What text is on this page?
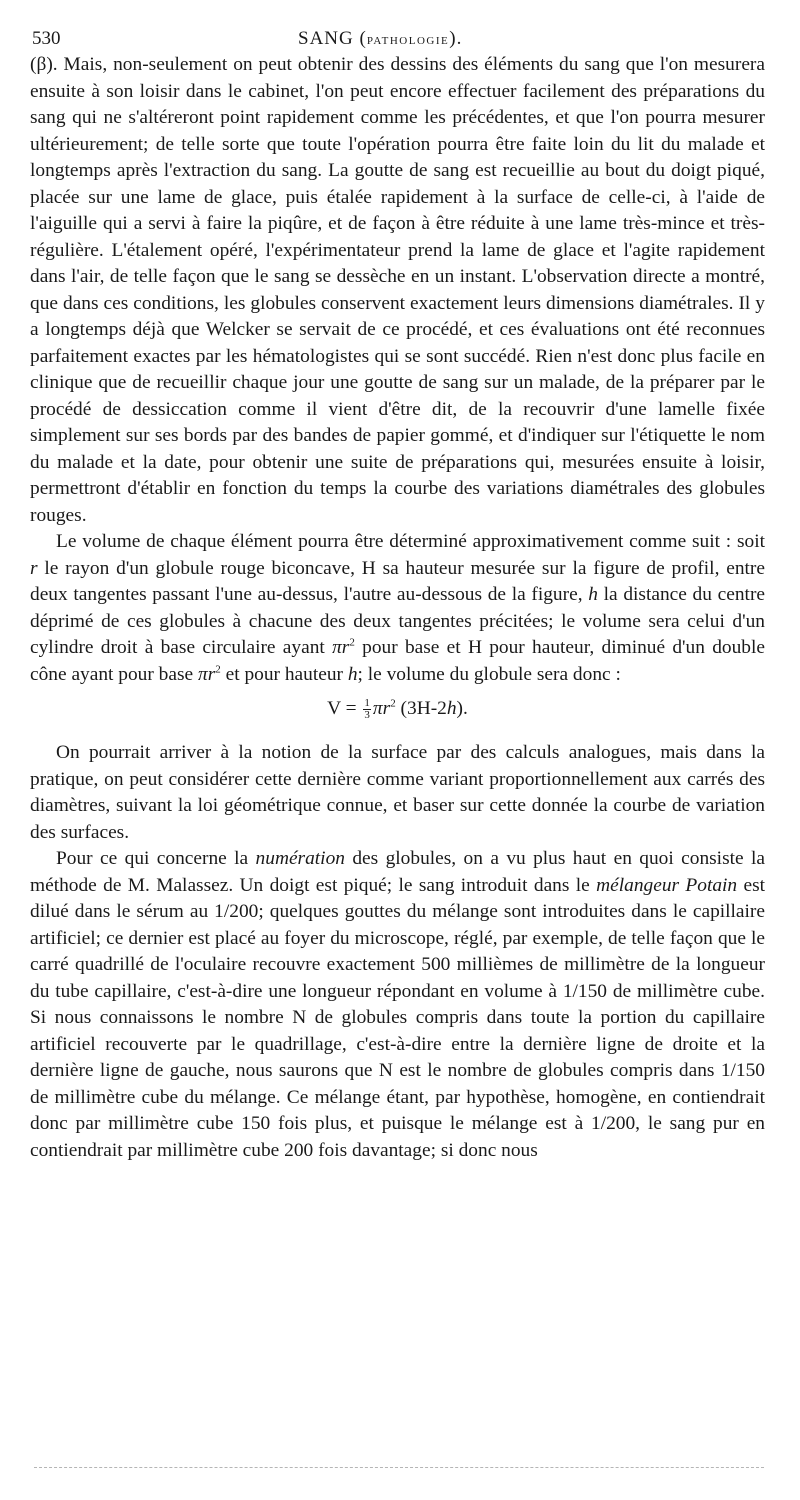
530	SANG (pathologie).

(β). Mais, non-seulement on peut obtenir des dessins des éléments du sang que l'on mesurera ensuite à son loisir dans le cabinet, l'on peut encore effectuer facilement des préparations du sang qui ne s'altéreront point rapidement comme les précédentes, et que l'on pourra mesurer ultérieurement; de telle sorte que toute l'opération pourra être faite loin du lit du malade et longtemps après l'extraction du sang. La goutte de sang est recueillie au bout du doigt piqué, placée sur une lame de glace, puis étalée rapidement à la surface de celle-ci, à l'aide de l'aiguille qui a servi à faire la piqûre, et de façon à être réduite à une lame très-mince et très-régulière. L'étalement opéré, l'expérimentateur prend la lame de glace et l'agite rapidement dans l'air, de telle façon que le sang se dessèche en un instant. L'observation directe a montré, que dans ces conditions, les globules conservent exactement leurs dimensions diamétrales. Il y a longtemps déjà que Welcker se servait de ce procédé, et ces évaluations ont été reconnues parfaitement exactes par les hématologistes qui se sont succédé. Rien n'est donc plus facile en clinique que de recueillir chaque jour une goutte de sang sur un malade, de la préparer par le procédé de dessiccation comme il vient d'être dit, de la recouvrir d'une lamelle fixée simplement sur ses bords par des bandes de papier gommé, et d'indiquer sur l'étiquette le nom du malade et la date, pour obtenir une suite de préparations qui, mesurées ensuite à loisir, permettront d'établir en fonction du temps la courbe des variations diamétrales des globules rouges.

Le volume de chaque élément pourra être déterminé approximativement comme suit : soit r le rayon d'un globule rouge biconcave, H sa hauteur mesurée sur la figure de profil, entre deux tangentes passant l'une au-dessus, l'autre au-dessous de la figure, h la distance du centre déprimé de ces globules à chacune des deux tangentes précitées; le volume sera celui d'un cylindre droit à base circulaire ayant $\pi r^2$ pour base et H pour hauteur, diminué d'un double cône ayant pour base $\pi r^2$ et pour hauteur h; le volume du globule sera donc :

$V = \frac{1}{3} \pi r^2$ (3H-2h).

On pourrait arriver à la notion de la surface par des calculs analogues, mais dans la pratique, on peut considérer cette dernière comme variant proportionnellement aux carrés des diamètres, suivant la loi géométrique connue, et baser sur cette donnée la courbe de variation des surfaces.

Pour ce qui concerne la numération des globules, on a vu plus haut en quoi consiste la méthode de M. Malassez. Un doigt est piqué; le sang introduit dans le mélangeur Potain est dilué dans le sérum au 1/200; quelques gouttes du mélange sont introduites dans le capillaire artificiel; ce dernier est placé au foyer du microscope, réglé, par exemple, de telle façon que le carré quadrillé de l'oculaire recouvre exactement 500 millièmes de millimètre de la longueur du tube capillaire, c'est-à-dire une longueur répondant en volume à 1/150 de millimètre cube. Si nous connaissons le nombre N de globules compris dans toute la portion du capillaire artificiel recouverte par le quadrillage, c'est-à-dire entre la dernière ligne de droite et la dernière ligne de gauche, nous saurons que N est le nombre de globules compris dans 1/150 de millimètre cube du mélange. Ce mélange étant, par hypothèse, homogène, en contiendrait donc par millimètre cube 150 fois plus, et puisque le mélange est à 1/200, le sang pur en contiendrait par millimètre cube 200 fois davantage; si donc nous
